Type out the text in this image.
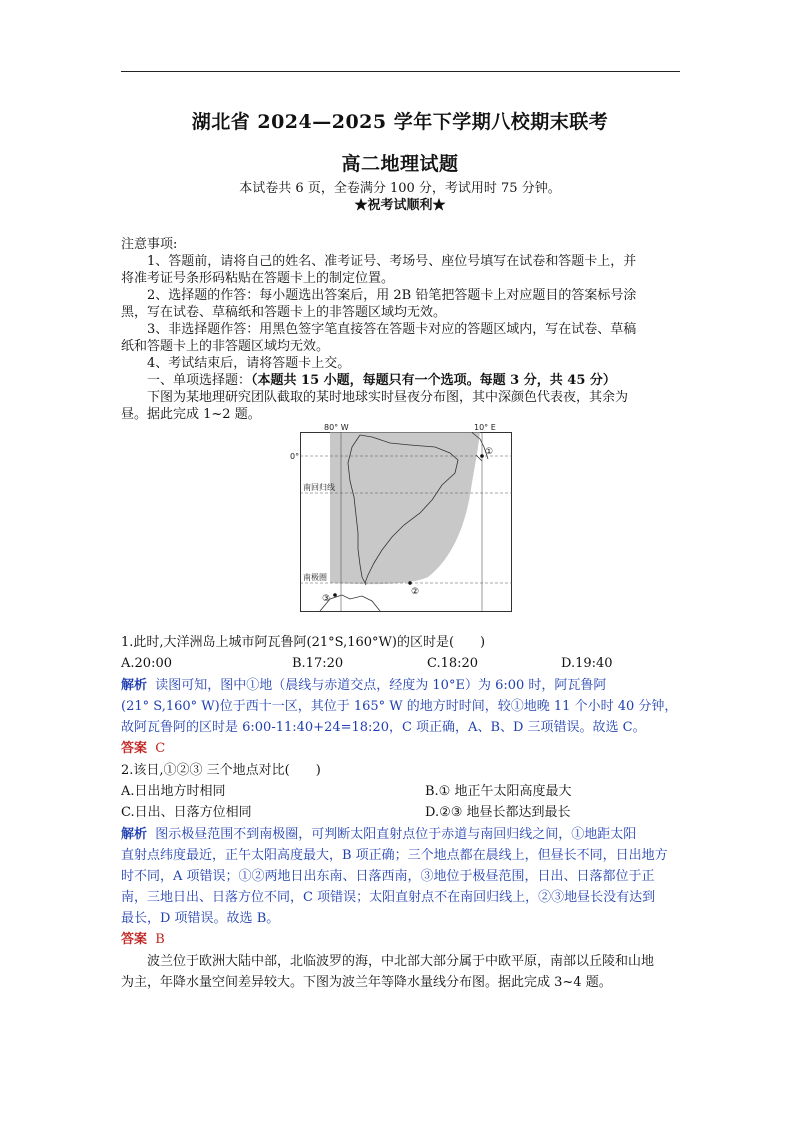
湖北省 2024—2025 学年下学期八校期末联考
高二地理试题
本试卷共 6 页，全卷满分 100 分，考试用时 75 分钟。
★祝考试顺利★
注意事项:
1、答题前，请将自己的姓名、准考证号、考场号、座位号填写在试卷和答题卡上，并
将准考证号条形码粘贴在答题卡上的制定位置。
2、选择题的作答：每小题选出答案后，用 2B 铅笔把答题卡上对应题目的答案标号涂
黑，写在试卷、草稿纸和答题卡上的非答题区域均无效。
3、非选择题作答：用黑色签字笔直接答在答题卡对应的答题区域内，写在试卷、草稿
纸和答题卡上的非答题区域均无效。
4、考试结束后，请将答题卡上交。
一、单项选择题：（本题共 15 小题，每题只有一个选项。每题 3 分，共 45 分）
下图为某地理研究团队截取的某时地球实时昼夜分布图，其中深颜色代表夜，其余为
昼。据此完成 1~2 题。
80° W	10° E
0°
南回归线
南极圈
①
②
③
1.此时,大洋洲岛上城市阿瓦鲁阿(21°S,160°W)的区时是(　　)
A.20:00	B.17:20	C.18:20	D.19:40
解析 读图可知，图中①地（晨线与赤道交点，经度为 10°E）为 6:00 时，阿瓦鲁阿
(21° S,160° W)位于西十一区，其位于 165° W 的地方时时间，较①地晚 11 个小时 40 分钟，
故阿瓦鲁阿的区时是 6:00-11:40+24=18:20，C 项正确，A、B、D 三项错误。故选 C。
答案 C
2.该日,①②③ 三个地点对比(　　)
A.日出地方时相同	B.① 地正午太阳高度最大
C.日出、日落方位相同	D.②③ 地昼长都达到最长
解析 图示极昼范围不到南极圈，可判断太阳直射点位于赤道与南回归线之间，①地距太阳
直射点纬度最近，正午太阳高度最大，B 项正确；三个地点都在晨线上，但昼长不同，日出地方
时不同，A 项错误；①②两地日出东南、日落西南，③地位于极昼范围，日出、日落都位于正
南，三地日出、日落方位不同，C 项错误；太阳直射点不在南回归线上，②③地昼长没有达到
最长，D 项错误。故选 B。
答案 B
波兰位于欧洲大陆中部，北临波罗的海，中北部大部分属于中欧平原，南部以丘陵和山地
为主，年降水量空间差异较大。下图为波兰年等降水量线分布图。据此完成 3~4 题。
